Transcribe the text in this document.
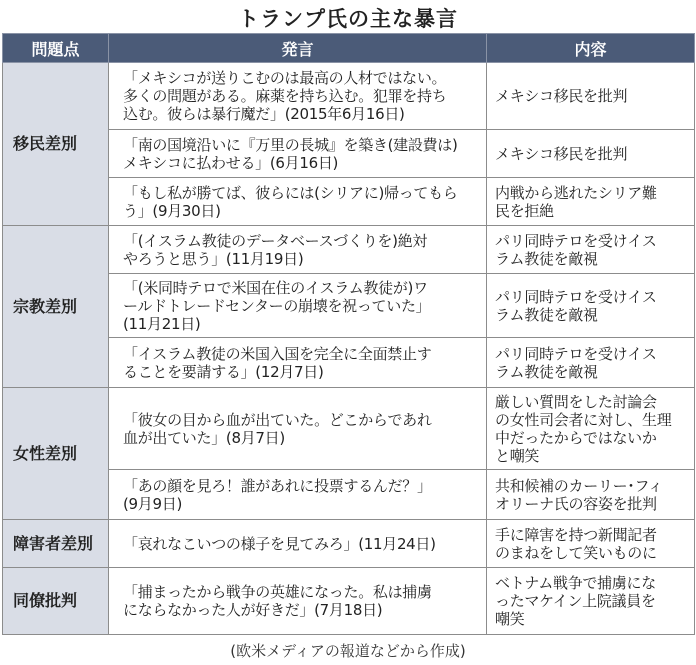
トランプ氏の主な暴言
問題点	発言	内容
移民差別	「メキシコが送りこむのは最高の人材ではない。
多くの問題がある。麻薬を持ち込む。犯罪を持ち
込む。彼らは暴行魔だ」(2015年6月16日)	メキシコ移民を批判
	「南の国境沿いに『万里の長城』を築き(建設費は)
メキシコに払わせる」(6月16日)	メキシコ移民を批判
	「もし私が勝てば、彼らには(シリアに)帰ってもら
う」(9月30日)	内戦から逃れたシリア難
民を拒絶
宗教差別	「(イスラム教徒のデータベースづくりを)絶対
やろうと思う」(11月19日)	パリ同時テロを受けイス
ラム教徒を敵視
	「(米同時テロで米国在住のイスラム教徒が)ワ
ールドトレードセンターの崩壊を祝っていた」
(11月21日)	パリ同時テロを受けイス
ラム教徒を敵視
	「イスラム教徒の米国入国を完全に全面禁止す
ることを要請する」(12月7日)	パリ同時テロを受けイス
ラム教徒を敵視
女性差別	「彼女の目から血が出ていた。どこからであれ
血が出ていた」(8月7日)	厳しい質問をした討論会
の女性司会者に対し、生理
中だったからではないか
と嘲笑
	「あの顔を見ろ！誰があれに投票するんだ？」
(9月9日)	共和候補のカーリー･フィ
オリーナ氏の容姿を批判
障害者差別	「哀れなこいつの様子を見てみろ」(11月24日)	手に障害を持つ新聞記者
のまねをして笑いものに
同僚批判	「捕まったから戦争の英雄になった。私は捕虜
にならなかった人が好きだ」(7月18日)	ベトナム戦争で捕虜にな
ったマケイン上院議員を
嘲笑
(欧米メディアの報道などから作成)
